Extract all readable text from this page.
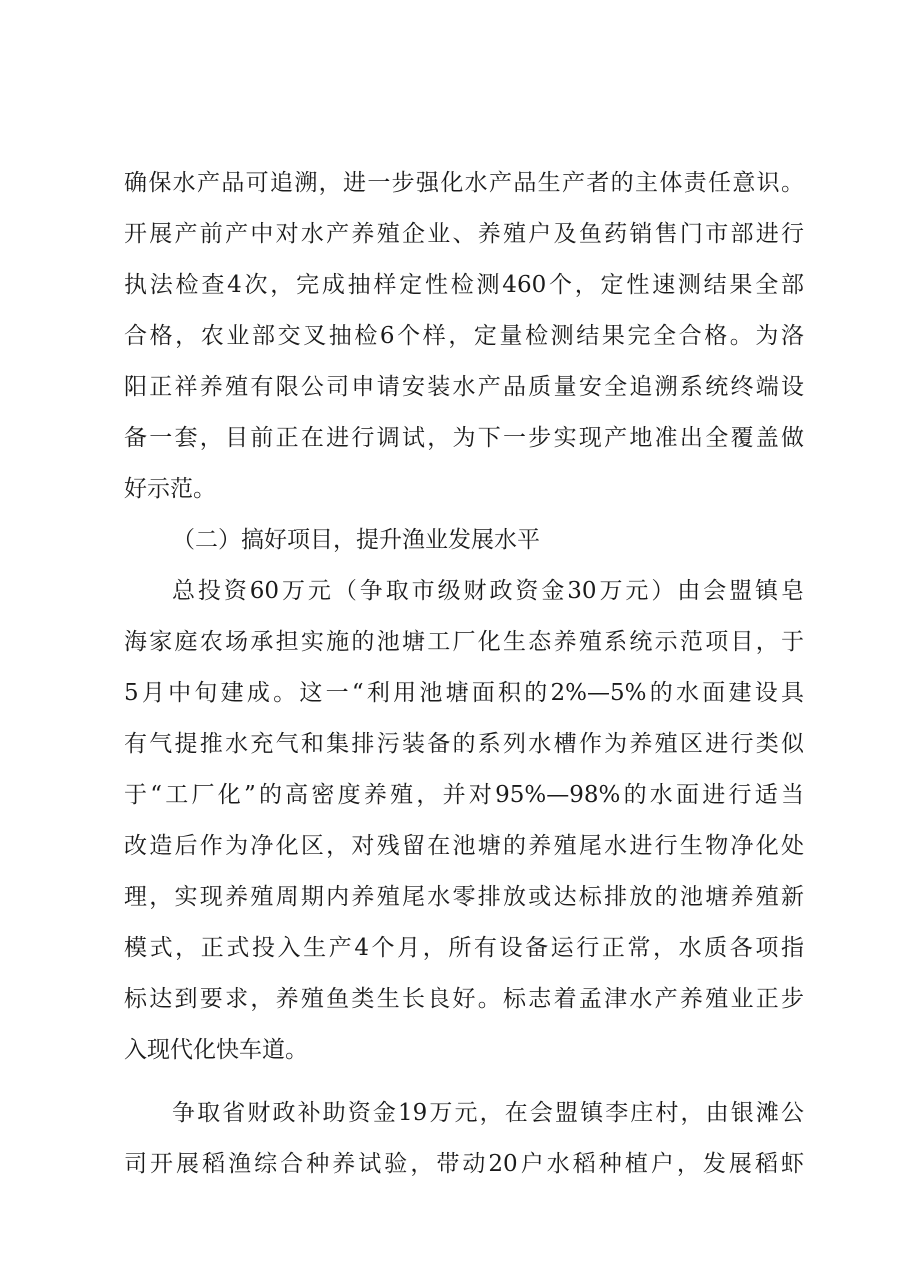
确保水产品可追溯，进一步强化水产品生产者的主体责任意识。
开展产前产中对水产养殖企业、养殖户及鱼药销售门市部进行
执法检查4次，完成抽样定性检测460个，定性速测结果全部
合格，农业部交叉抽检6个样，定量检测结果完全合格。为洛
阳正祥养殖有限公司申请安装水产品质量安全追溯系统终端设
备一套，目前正在进行调试，为下一步实现产地准出全覆盖做
好示范。
（二）搞好项目，提升渔业发展水平
总投资60万元（争取市级财政资金30万元）由会盟镇皂
海家庭农场承担实施的池塘工厂化生态养殖系统示范项目，于
5月中旬建成。这一“利用池塘面积的2%—5%的水面建设具
有气提推水充气和集排污装备的系列水槽作为养殖区进行类似
于“工厂化”的高密度养殖，并对95%—98%的水面进行适当
改造后作为净化区，对残留在池塘的养殖尾水进行生物净化处
理，实现养殖周期内养殖尾水零排放或达标排放的池塘养殖新
模式，正式投入生产4个月，所有设备运行正常，水质各项指
标达到要求，养殖鱼类生长良好。标志着孟津水产养殖业正步
入现代化快车道。
争取省财政补助资金19万元，在会盟镇李庄村，由银滩公
司开展稻渔综合种养试验，带动20户水稻种植户，发展稻虾
